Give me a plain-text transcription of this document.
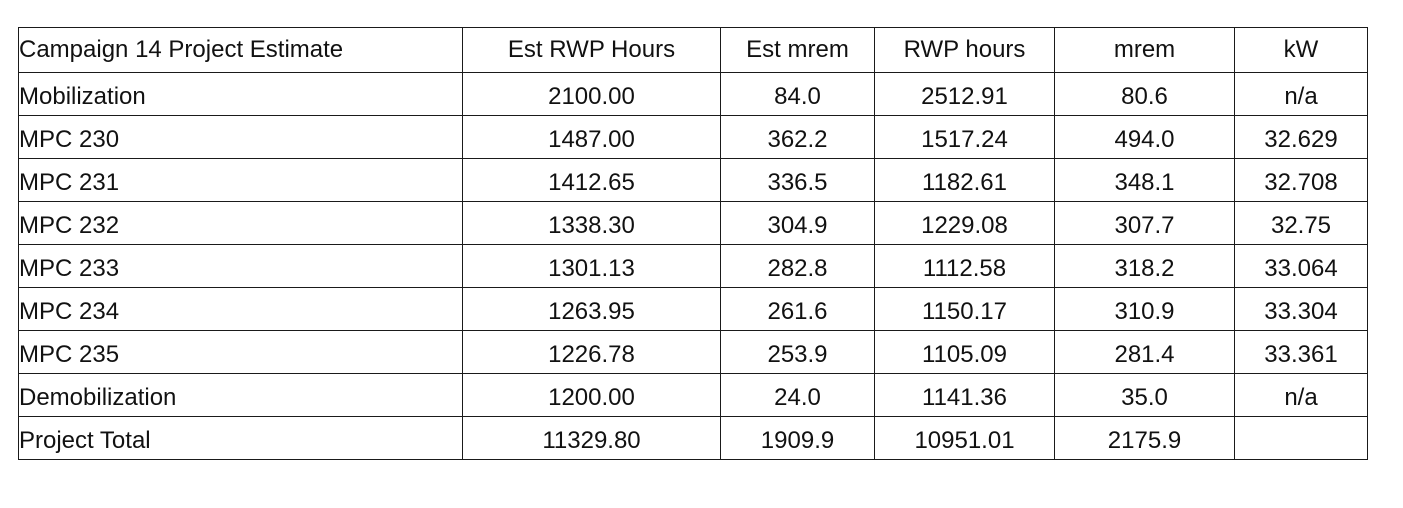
Campaign 14 Project Estimate	Est RWP Hours	Est mrem	RWP hours	mrem	kW
Mobilization	2100.00	84.0	2512.91	80.6	n/a
MPC 230	1487.00	362.2	1517.24	494.0	32.629
MPC 231	1412.65	336.5	1182.61	348.1	32.708
MPC 232	1338.30	304.9	1229.08	307.7	32.75
MPC 233	1301.13	282.8	1112.58	318.2	33.064
MPC 234	1263.95	261.6	1150.17	310.9	33.304
MPC 235	1226.78	253.9	1105.09	281.4	33.361
Demobilization	1200.00	24.0	1141.36	35.0	n/a
Project Total	11329.80	1909.9	10951.01	2175.9	
